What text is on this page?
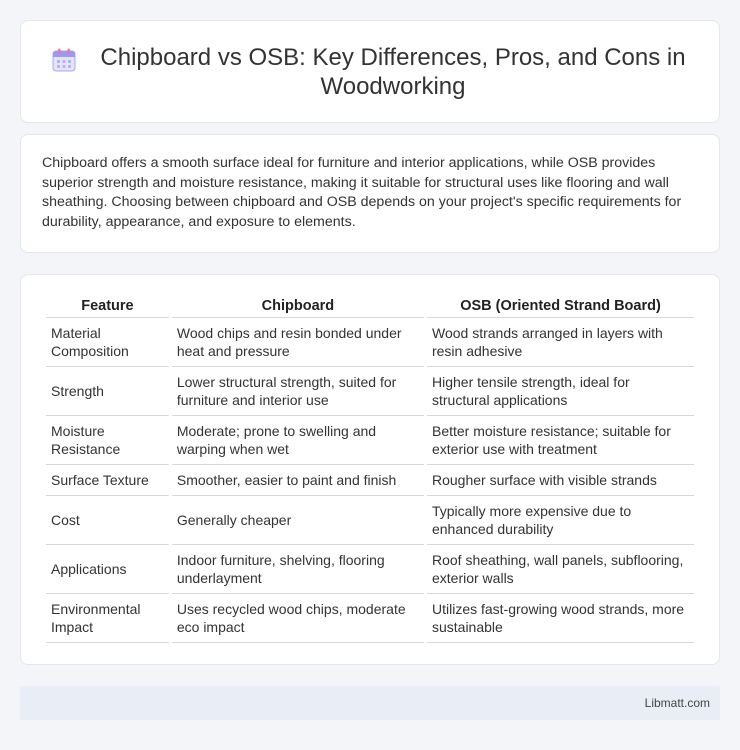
Chipboard vs OSB: Key Differences, Pros, and Cons in Woodworking

Chipboard offers a smooth surface ideal for furniture and interior applications, while OSB provides superior strength and moisture resistance, making it suitable for structural uses like flooring and wall sheathing. Choosing between chipboard and OSB depends on your project's specific requirements for durability, appearance, and exposure to elements.

Feature	Chipboard	OSB (Oriented Strand Board)
Material Composition	Wood chips and resin bonded under heat and pressure	Wood strands arranged in layers with resin adhesive
Strength	Lower structural strength, suited for furniture and interior use	Higher tensile strength, ideal for structural applications
Moisture Resistance	Moderate; prone to swelling and warping when wet	Better moisture resistance; suitable for exterior use with treatment
Surface Texture	Smoother, easier to paint and finish	Rougher surface with visible strands
Cost	Generally cheaper	Typically more expensive due to enhanced durability
Applications	Indoor furniture, shelving, flooring underlayment	Roof sheathing, wall panels, subflooring, exterior walls
Environmental Impact	Uses recycled wood chips, moderate eco impact	Utilizes fast-growing wood strands, more sustainable
Libmatt.com
